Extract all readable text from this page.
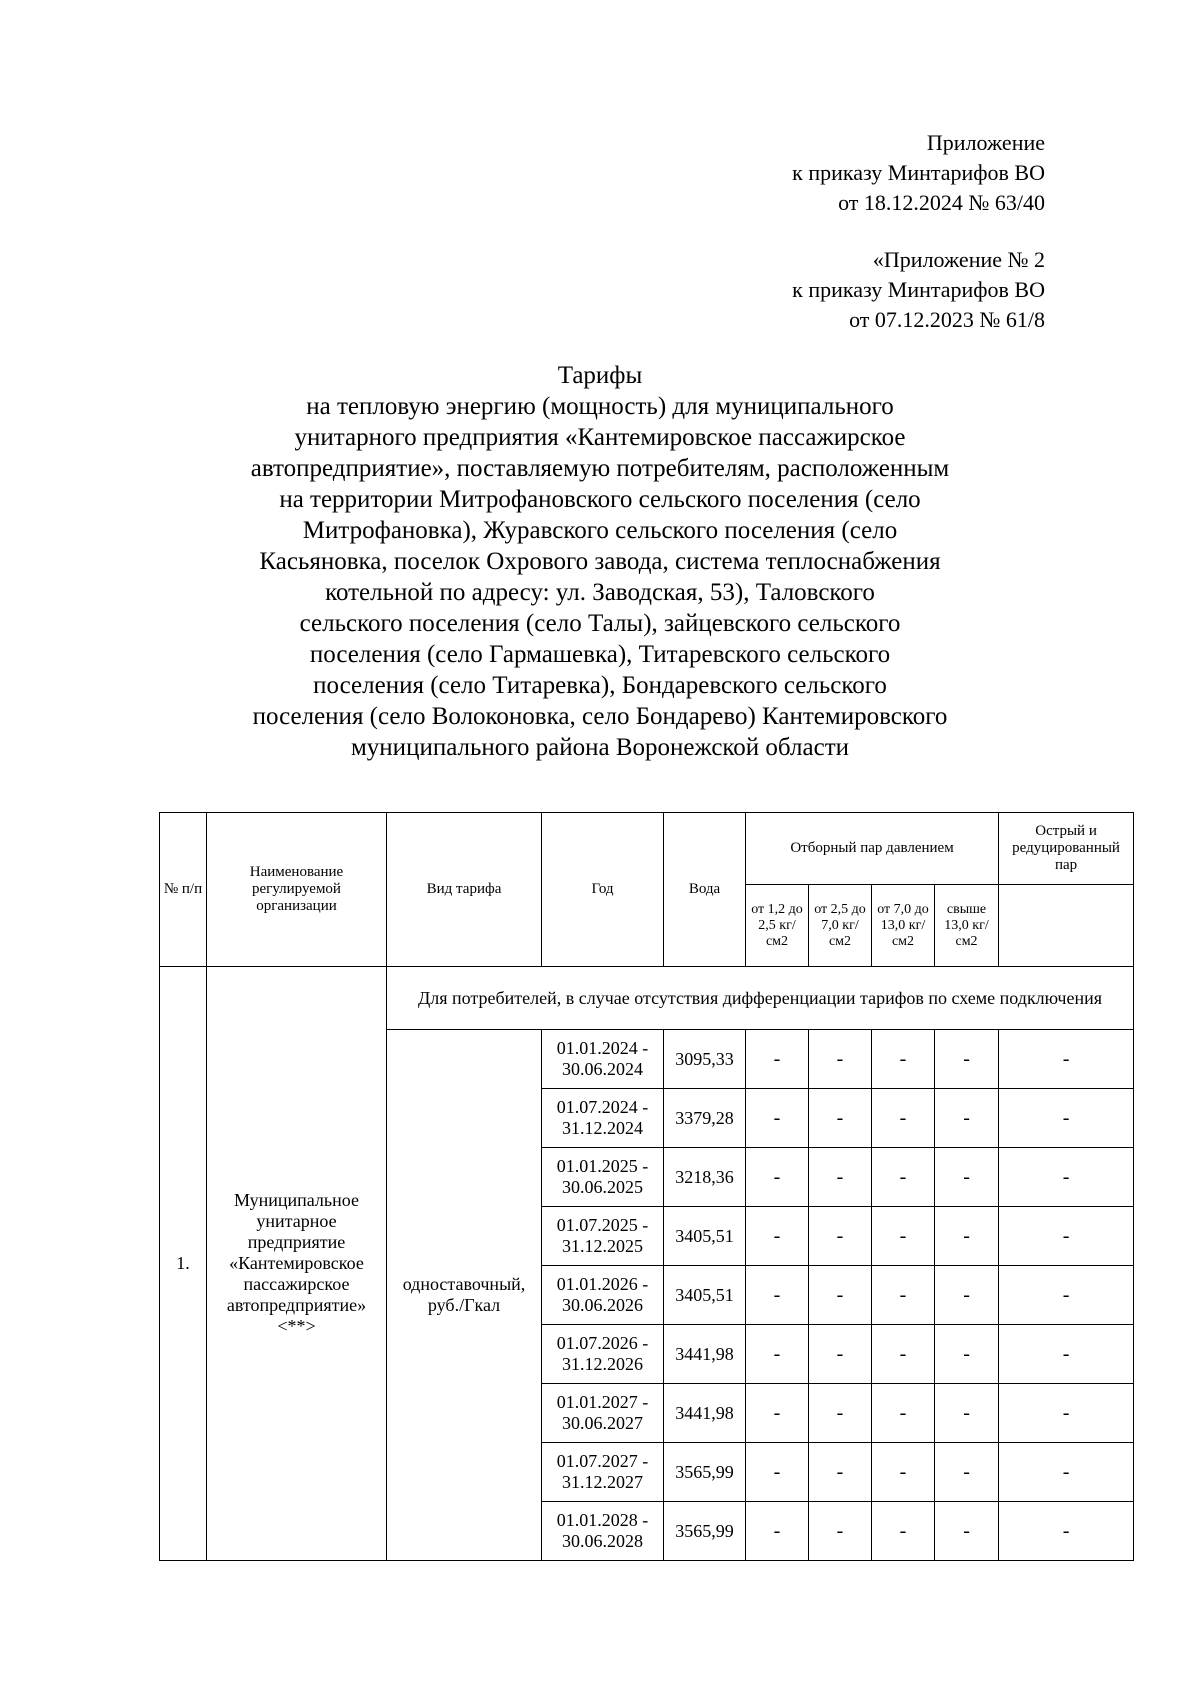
Приложение
к приказу Минтарифов ВО
от 18.12.2024 № 63/40
«Приложение № 2
к приказу Минтарифов ВО
от 07.12.2023 № 61/8
Тарифы
на тепловую энергию (мощность) для муниципального
унитарного предприятия «Кантемировское пассажирское
автопредприятие», поставляемую потребителям, расположенным
на территории Митрофановского сельского поселения (село
Митрофановка), Журавского сельского поселения (село
Касьяновка, поселок Охрового завода, система теплоснабжения
котельной по адресу: ул. Заводская, 53), Таловского
сельского поселения (село Талы), зайцевского сельского
поселения (село Гармашевка), Титаревского сельского
поселения (село Титаревка), Бондаревского сельского
поселения (село Волоконовка, село Бондарево) Кантемировского
муниципального района Воронежской области
№ п/п	Наименование регулируемой организации	Вид тарифа	Год	Вода	Отборный пар давлением				Острый и редуцированный пар
					от 1,2 до 2,5 кг/см2	от 2,5 до 7,0 кг/см2	от 7,0 до 13,0 кг/см2	свыше 13,0 кг/см2	
1.	Муниципальное унитарное предприятие «Кантемировское пассажирское автопредприятие» <**>	Для потребителей, в случае отсутствия дифференциации тарифов по схеме подключения							
		одноставочный, руб./Гкал	01.01.2024 - 30.06.2024	3095,33	-	-	-	-	-
			01.07.2024 - 31.12.2024	3379,28	-	-	-	-	-
			01.01.2025 - 30.06.2025	3218,36	-	-	-	-	-
			01.07.2025 - 31.12.2025	3405,51	-	-	-	-	-
			01.01.2026 - 30.06.2026	3405,51	-	-	-	-	-
			01.07.2026 - 31.12.2026	3441,98	-	-	-	-	-
			01.01.2027 - 30.06.2027	3441,98	-	-	-	-	-
			01.07.2027 - 31.12.2027	3565,99	-	-	-	-	-
			01.01.2028 - 30.06.2028	3565,99	-	-	-	-	-
